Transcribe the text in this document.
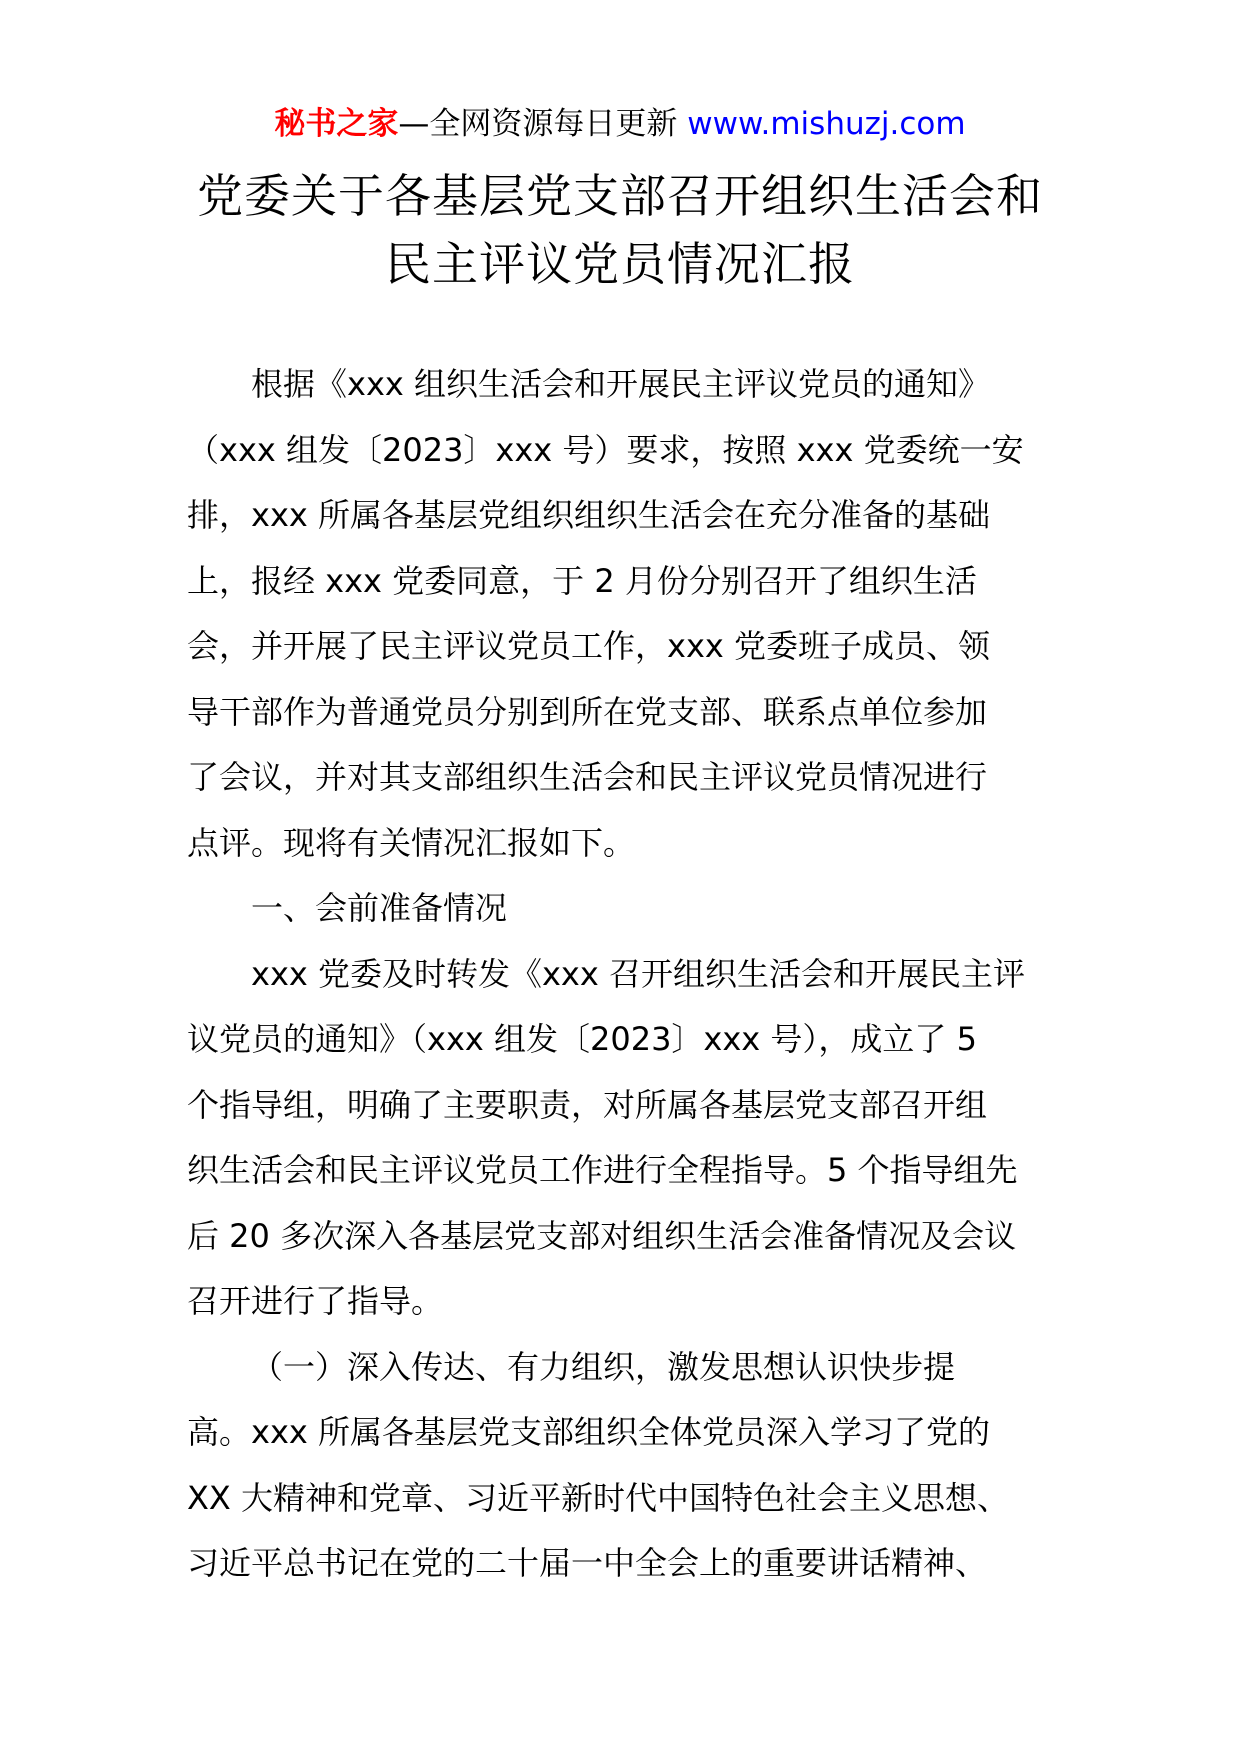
秘书之家—全网资源每日更新 www.mishuzj.com
党委关于各基层党支部召开组织生活会和
民主评议党员情况汇报
根据《xxx 组织生活会和开展民主评议党员的通知》
（xxx 组发〔2023〕xxx 号）要求，按照 xxx 党委统一安
排，xxx 所属各基层党组织组织生活会在充分准备的基础
上，报经 xxx 党委同意，于 2 月份分别召开了组织生活
会，并开展了民主评议党员工作，xxx 党委班子成员、领
导干部作为普通党员分别到所在党支部、联系点单位参加
了会议，并对其支部组织生活会和民主评议党员情况进行
点评。现将有关情况汇报如下。
一、会前准备情况
xxx 党委及时转发《xxx 召开组织生活会和开展民主评
议党员的通知》（xxx 组发〔2023〕xxx 号），成立了 5
个指导组，明确了主要职责，对所属各基层党支部召开组
织生活会和民主评议党员工作进行全程指导。5 个指导组先
后 20 多次深入各基层党支部对组织生活会准备情况及会议
召开进行了指导。
（一）深入传达、有力组织，激发思想认识快步提
高。xxx 所属各基层党支部组织全体党员深入学习了党的
XX 大精神和党章、习近平新时代中国特色社会主义思想、
习近平总书记在党的二十届一中全会上的重要讲话精神、
